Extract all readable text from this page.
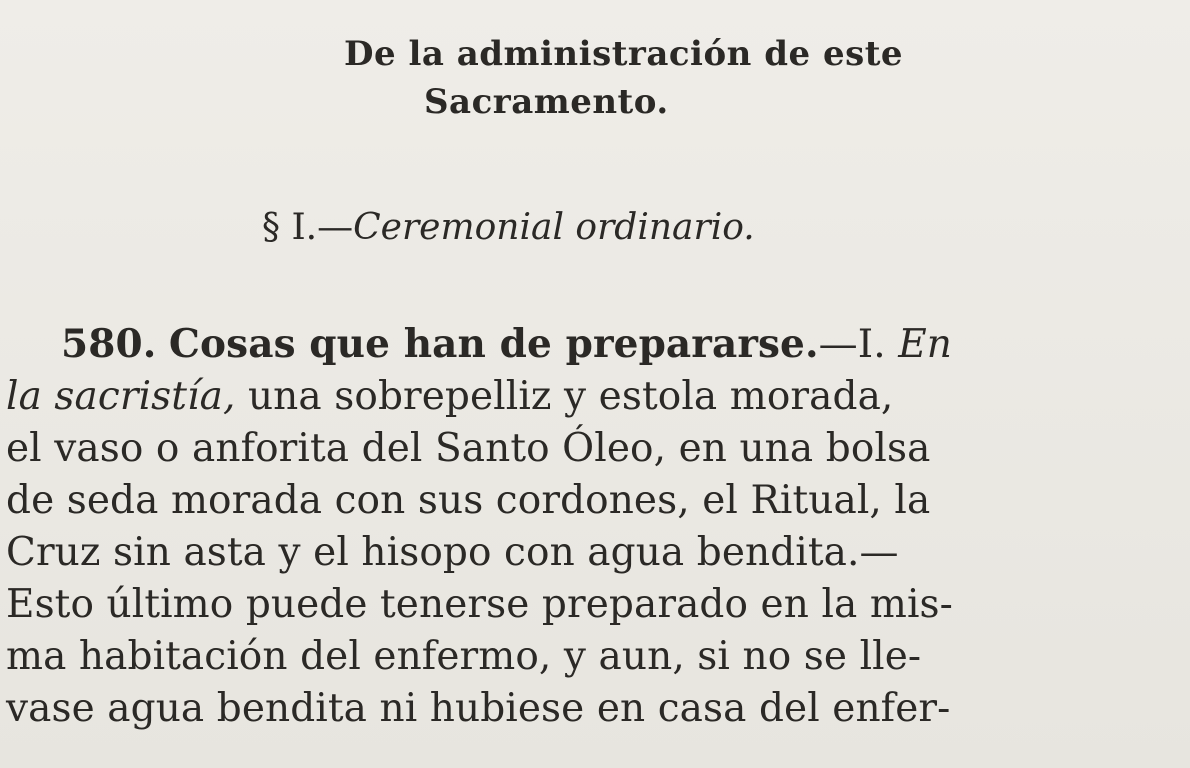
De la administración de este
Sacramento.
§ I.—Ceremonial ordinario.

580. Cosas que han de prepararse.—I. En
la sacristía, una sobrepelliz y estola morada,
el vaso o anforita del Santo Óleo, en una bolsa
de seda morada con sus cordones, el Ritual, la
Cruz sin asta y el hisopo con agua bendita.—
Esto último puede tenerse preparado en la mis-
ma habitación del enfermo, y aun, si no se lle-
vase agua bendita ni hubiese en casa del enfer-
